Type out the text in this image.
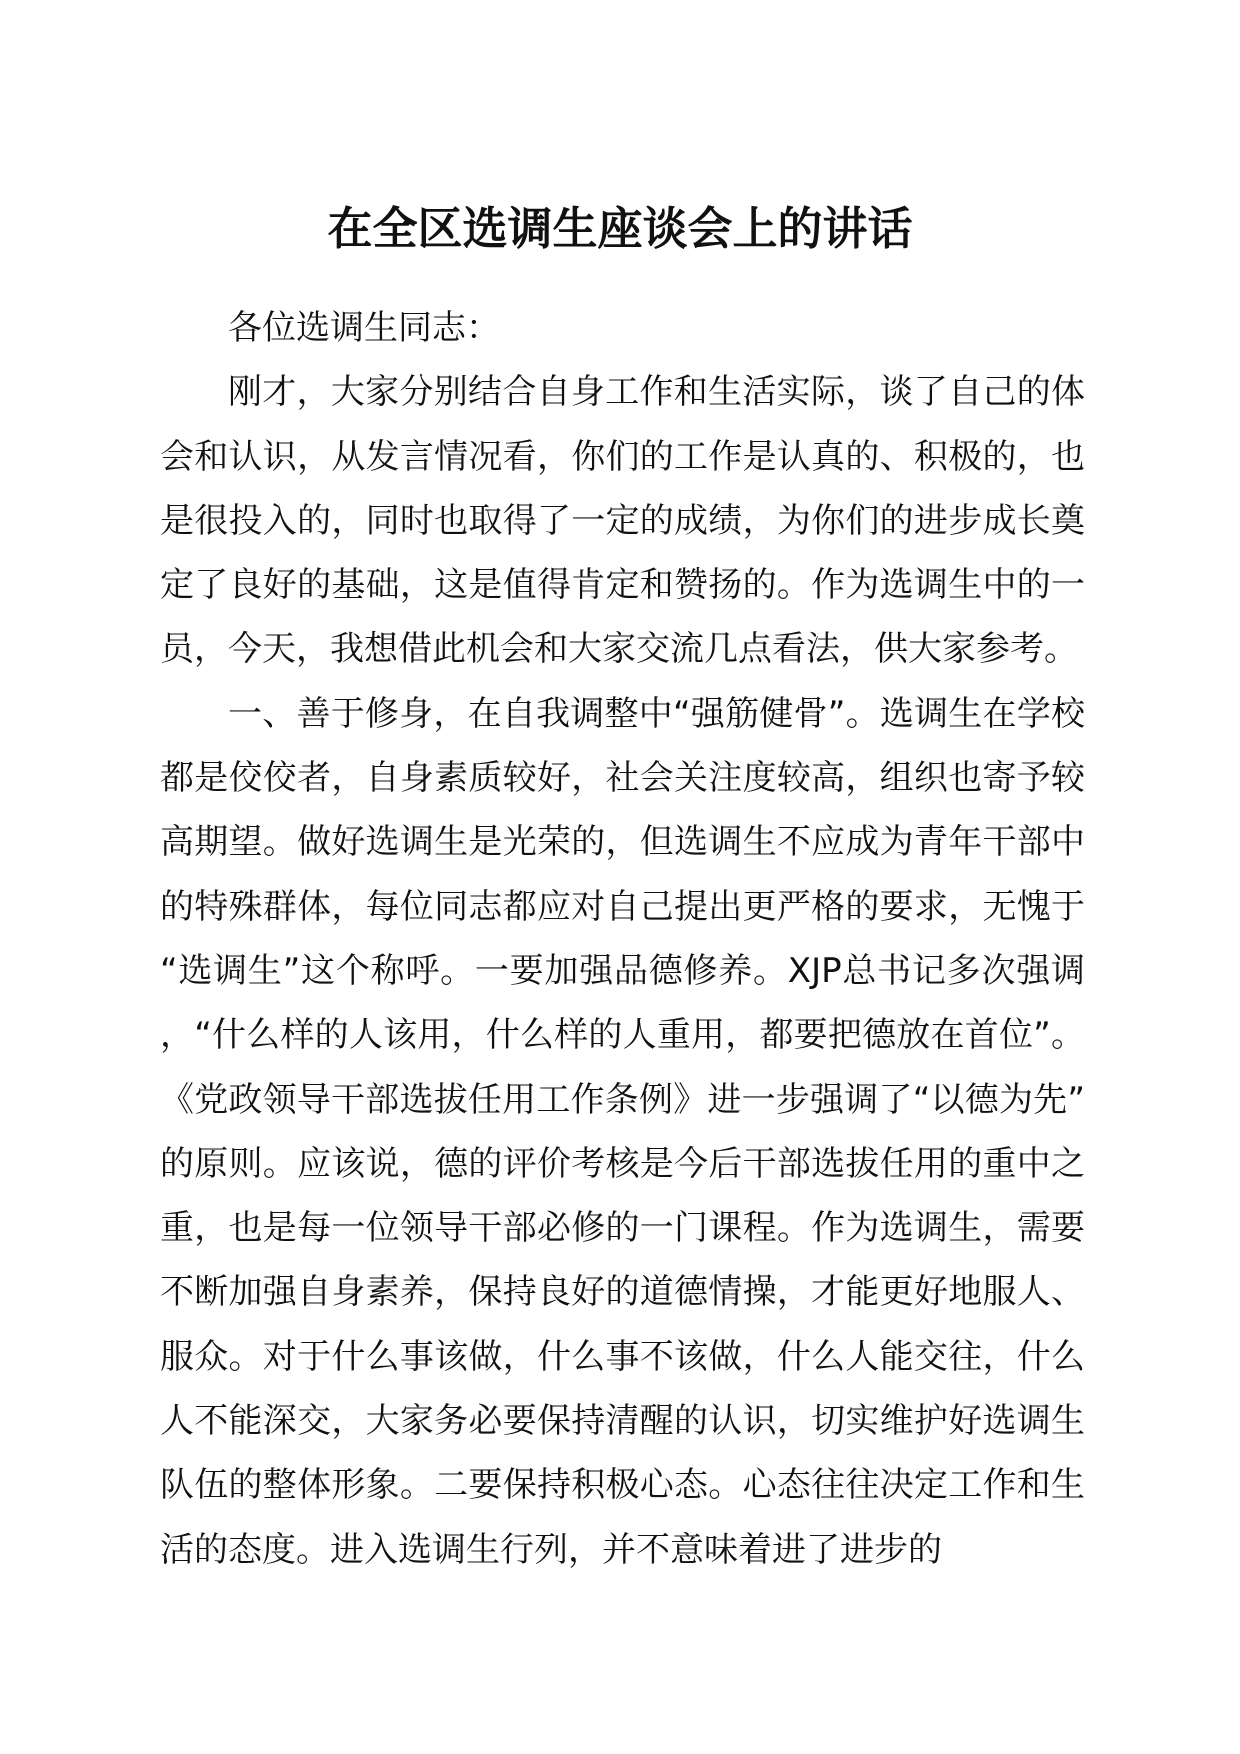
在全区选调生座谈会上的讲话

各位选调生同志：

刚才，大家分别结合自身工作和生活实际，谈了自己的体会和认识，从发言情况看，你们的工作是认真的、积极的，也是很投入的，同时也取得了一定的成绩，为你们的进步成长奠定了良好的基础，这是值得肯定和赞扬的。作为选调生中的一员，今天，我想借此机会和大家交流几点看法，供大家参考。

一、善于修身，在自我调整中“强筋健骨”。选调生在学校都是佼佼者，自身素质较好，社会关注度较高，组织也寄予较高期望。做好选调生是光荣的，但选调生不应成为青年干部中的特殊群体，每位同志都应对自己提出更严格的要求，无愧于“选调生”这个称呼。一要加强品德修养。XJP总书记多次强调，“什么样的人该用，什么样的人重用，都要把德放在首位”。《党政领导干部选拔任用工作条例》进一步强调了“以德为先”的原则。应该说，德的评价考核是今后干部选拔任用的重中之重，也是每一位领导干部必修的一门课程。作为选调生，需要不断加强自身素养，保持良好的道德情操，才能更好地服人、服众。对于什么事该做，什么事不该做，什么人能交往，什么人不能深交，大家务必要保持清醒的认识，切实维护好选调生队伍的整体形象。二要保持积极心态。心态往往决定工作和生活的态度。进入选调生行列，并不意味着进了进步的
